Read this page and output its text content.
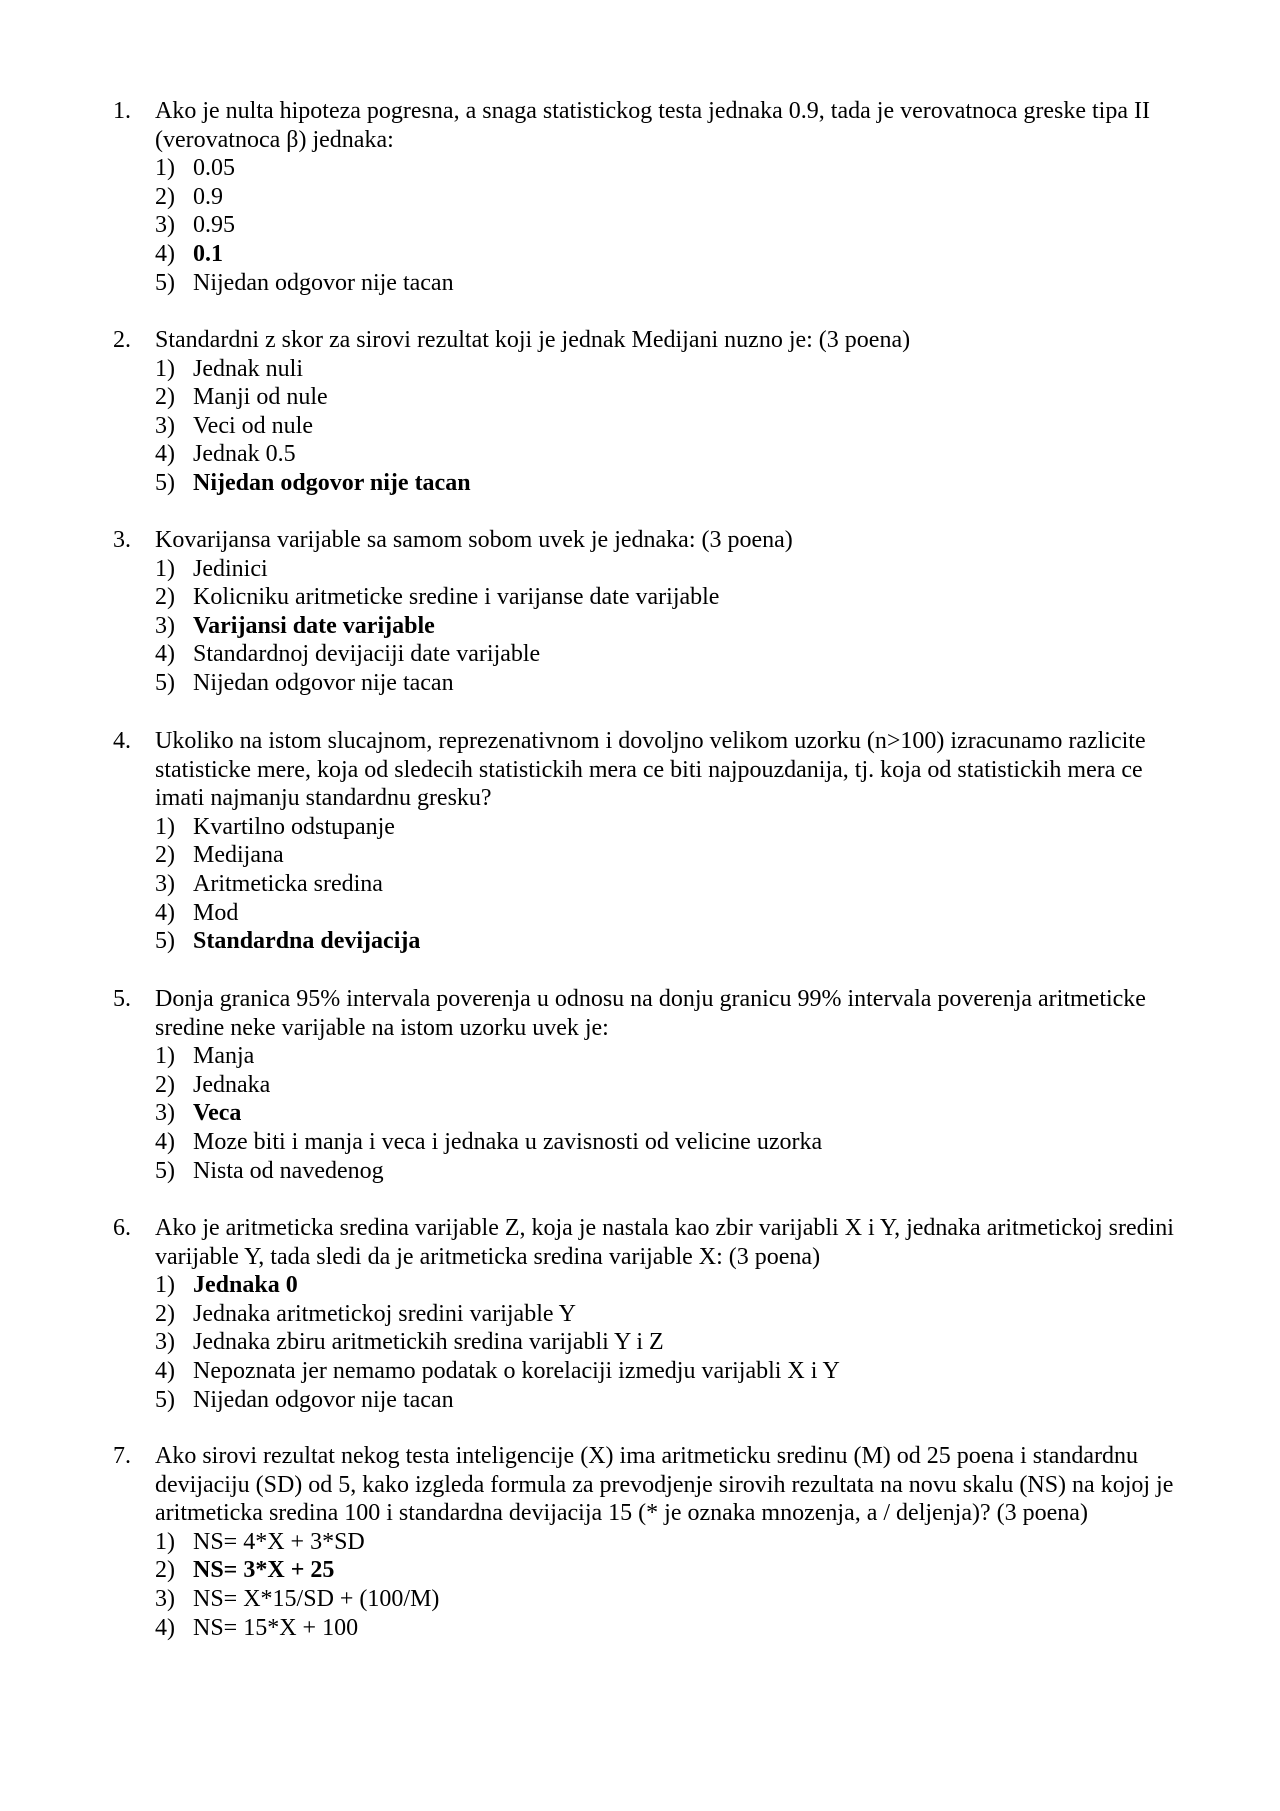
1.	Ako je nulta hipoteza pogresna, a snaga statistickog testa jednaka 0.9, tada je verovatnoca greske tipa II (verovatnoca β) jednaka:
1) 0.05
2) 0.9
3) 0.95
4) 0.1
5) Nijedan odgovor nije tacan
2.	Standardni z skor za sirovi rezultat koji je jednak Medijani nuzno je: (3 poena)
1) Jednak nuli
2) Manji od nule
3) Veci od nule
4) Jednak 0.5
5) Nijedan odgovor nije tacan
3.	Kovarijansa varijable sa samom sobom uvek je jednaka: (3 poena)
1) Jedinici
2) Kolicniku aritmeticke sredine i varijanse date varijable
3) Varijansi date varijable
4) Standardnoj devijaciji date varijable
5) Nijedan odgovor nije tacan
4.	Ukoliko na istom slucajnom, reprezenativnom i dovoljno velikom uzorku (n>100) izracunamo razlicite statisticke mere, koja od sledecih statistickih mera ce biti najpouzdanija, tj. koja od statistickih mera ce imati najmanju standardnu gresku?
1) Kvartilno odstupanje
2) Medijana
3) Aritmeticka sredina
4) Mod
5) Standardna devijacija
5.	Donja granica 95% intervala poverenja u odnosu na donju granicu 99% intervala poverenja aritmeticke sredine neke varijable na istom uzorku uvek je:
1) Manja
2) Jednaka
3) Veca
4) Moze biti i manja i veca i jednaka u zavisnosti od velicine uzorka
5) Nista od navedenog
6.	Ako je aritmeticka sredina varijable Z, koja je nastala kao zbir varijabli X i Y, jednaka aritmetickoj sredini varijable Y, tada sledi da je aritmeticka sredina varijable X: (3 poena)
1) Jednaka 0
2) Jednaka aritmetickoj sredini varijable Y
3) Jednaka zbiru aritmetickih sredina varijabli Y i Z
4) Nepoznata jer nemamo podatak o korelaciji izmedju varijabli X i Y
5) Nijedan odgovor nije tacan
7.	Ako sirovi rezultat nekog testa inteligencije (X) ima aritmeticku sredinu (M) od 25 poena i standardnu devijaciju (SD) od 5, kako izgleda formula za prevodjenje sirovih rezultata na novu skalu (NS) na kojoj je aritmeticka sredina 100 i standardna devijacija 15 (* je oznaka mnozenja, a / deljenja)? (3 poena)
1) NS= 4*X + 3*SD
2) NS= 3*X + 25
3) NS= X*15/SD + (100/M)
4) NS= 15*X + 100
